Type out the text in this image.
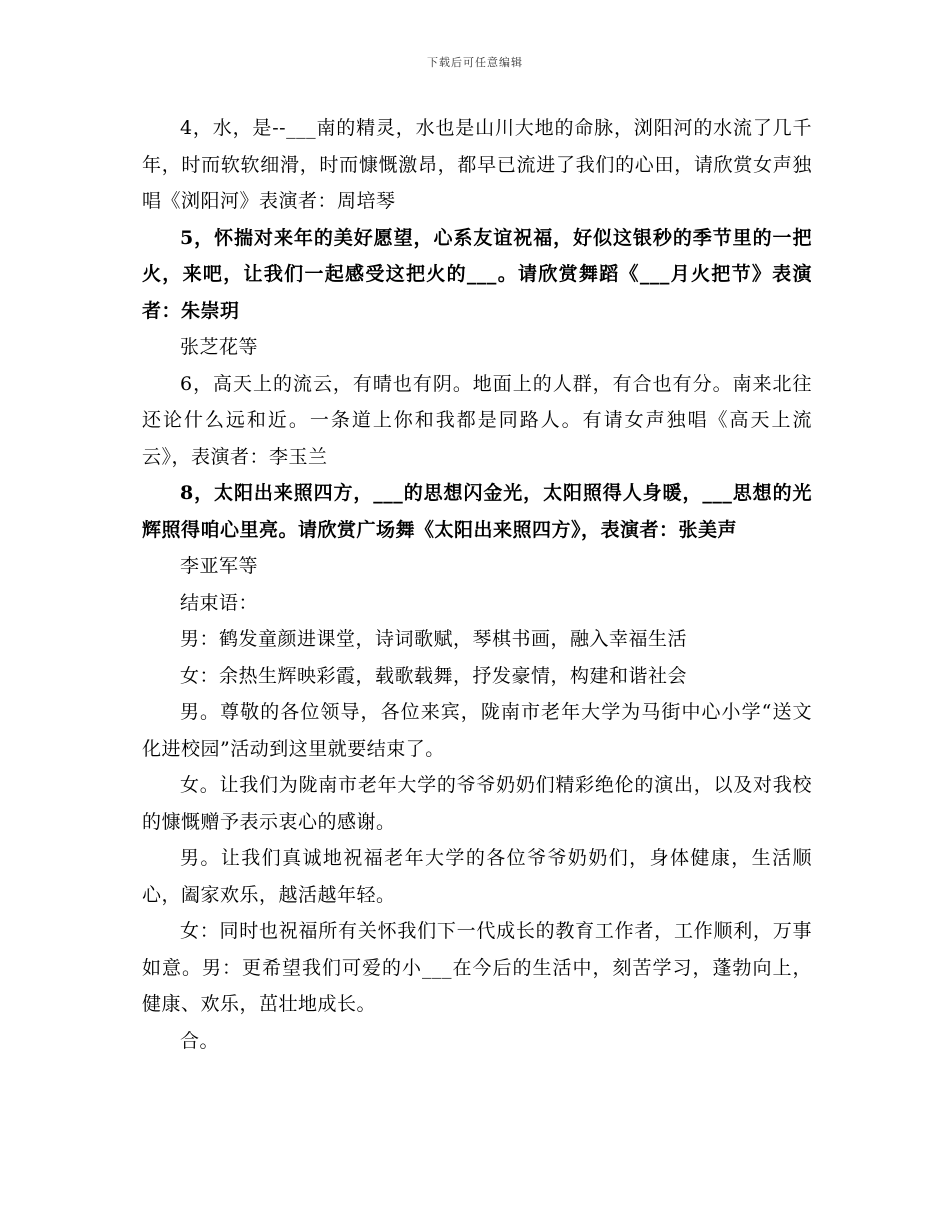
下载后可任意编辑

4，水，是--___南的精灵，水也是山川大地的命脉，浏阳河的水流了几千年，时而软软细滑，时而慷慨激昂，都早已流进了我们的心田，请欣赏女声独唱《浏阳河》表演者：周培琴

5，怀揣对来年的美好愿望，心系友谊祝福，好似这银秒的季节里的一把火，来吧，让我们一起感受这把火的___。请欣赏舞蹈《___月火把节》表演者：朱崇玥

张芝花等

6，高天上的流云，有晴也有阴。地面上的人群，有合也有分。南来北往还论什么远和近。一条道上你和我都是同路人。有请女声独唱《高天上流云》，表演者：李玉兰

8，太阳出来照四方，___的思想闪金光，太阳照得人身暖，___思想的光辉照得咱心里亮。请欣赏广场舞《太阳出来照四方》，表演者：张美声

李亚军等

结束语：

男：鹤发童颜进课堂，诗词歌赋，琴棋书画，融入幸福生活

女：余热生辉映彩霞，载歌载舞，抒发豪情，构建和谐社会

男。尊敬的各位领导，各位来宾，陇南市老年大学为马街中心小学“送文化进校园”活动到这里就要结束了。

女。让我们为陇南市老年大学的爷爷奶奶们精彩绝伦的演出，以及对我校的慷慨赠予表示衷心的感谢。

男。让我们真诚地祝福老年大学的各位爷爷奶奶们，身体健康，生活顺心，阖家欢乐，越活越年轻。

女：同时也祝福所有关怀我们下一代成长的教育工作者，工作顺利，万事如意。男：更希望我们可爱的小___在今后的生活中，刻苦学习，蓬勃向上，健康、欢乐，茁壮地成长。

合。
